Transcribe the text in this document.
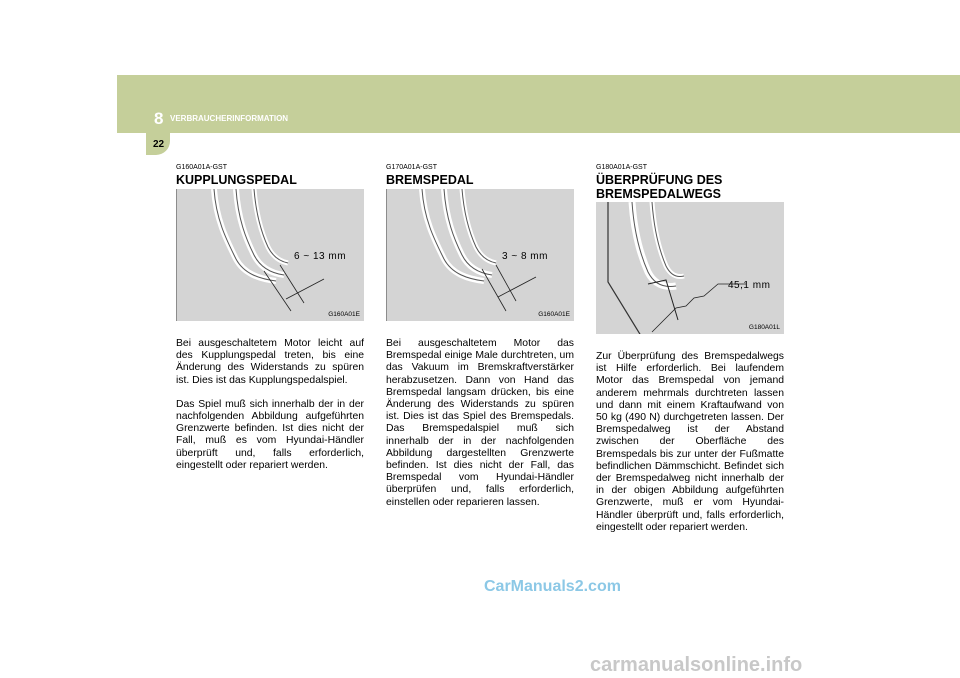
8 VERBRAUCHERINFORMATION
22
G160A01A-GST
KUPPLUNGSPEDAL
6 ~ 13 mm
G160A01E

Bei ausgeschaltetem Motor leicht auf des Kupplungspedal treten, bis eine Änderung des Widerstands zu spüren ist. Dies ist das Kupplungspedalspiel.

Das Spiel muß sich innerhalb der in der nachfolgenden Abbildung aufgeführten Grenzwerte befinden. Ist dies nicht der Fall, muß es vom Hyundai-Händler überprüft und, falls erforderlich, eingestellt oder repariert werden.

G170A01A-GST
BREMSPEDAL
3 ~ 8 mm
G160A01E

Bei ausgeschaltetem Motor das Bremspedal einige Male durchtreten, um das Vakuum im Bremskraftverstärker herabzusetzen. Dann von Hand das Bremspedal langsam drücken, bis eine Änderung des Widerstands zu spüren ist. Dies ist das Spiel des Bremspedals. Das Bremspedalspiel muß sich innerhalb der in der nachfolgenden Abbildung dargestellten Grenzwerte befinden. Ist dies nicht der Fall, das Bremspedal vom Hyundai-Händler überprüfen und, falls erforderlich, einstellen oder reparieren lassen.

G180A01A-GST
ÜBERPRÜFUNG DES
BREMSPEDALWEGS
45,1 mm
G180A01L

Zur Überprüfung des Bremspedalwegs ist Hilfe erforderlich. Bei laufendem Motor das Bremspedal von jemand anderem mehrmals durchtreten lassen und dann mit einem Kraftaufwand von 50 kg (490 N) durchgetreten lassen. Der Bremspedalweg ist der Abstand zwischen der Oberfläche des Bremspedals bis zur unter der Fußmatte befindlichen Dämmschicht. Befindet sich der Bremspedalweg nicht innerhalb der in der obigen Abbildung aufgeführten Grenzwerte, muß er vom Hyundai-Händler überprüft und, falls erforderlich, eingestellt oder repariert werden.

CarManuals2.com
carmanualsonline.info
